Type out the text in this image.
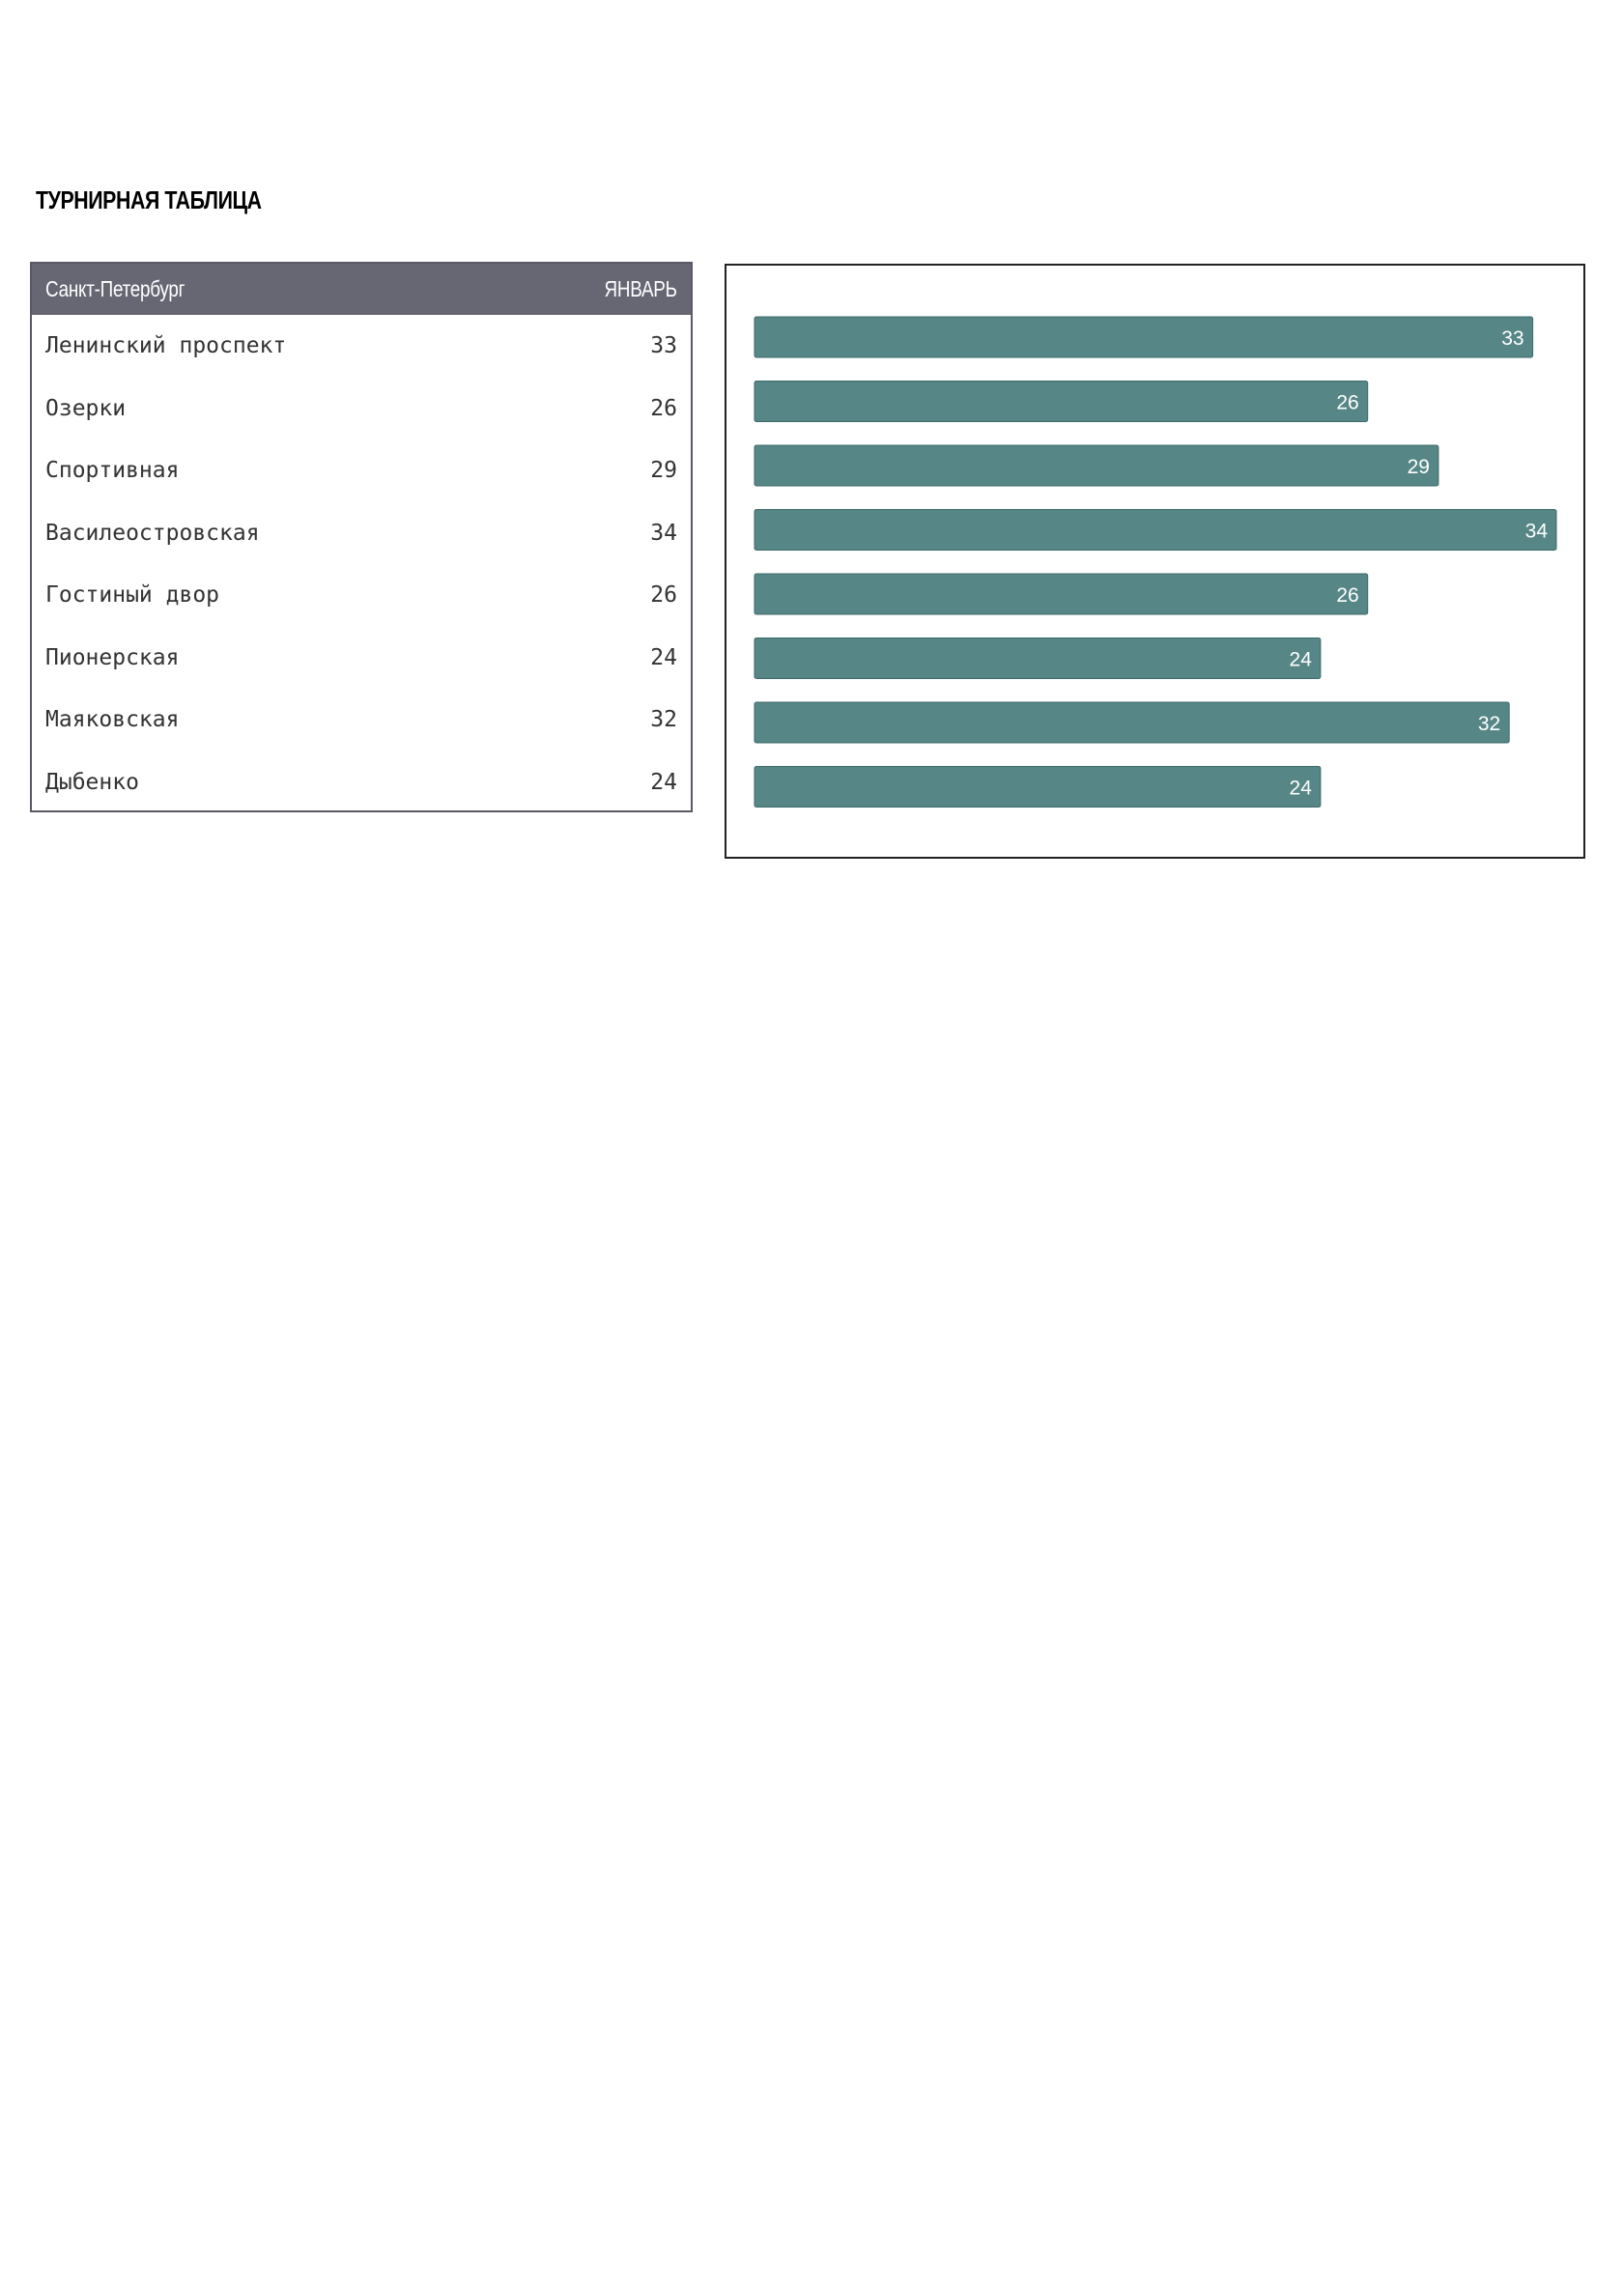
ТУРНИРНАЯ ТАБЛИЦА
Санкт-Петербург	ЯНВАРЬ
Ленинский проспект	33
Озерки	26
Спортивная	29
Василеостровская	34
Гостиный двор	26
Пионерская	24
Маяковская	32
Дыбенко	24
33
26
29
34
26
24
32
24
